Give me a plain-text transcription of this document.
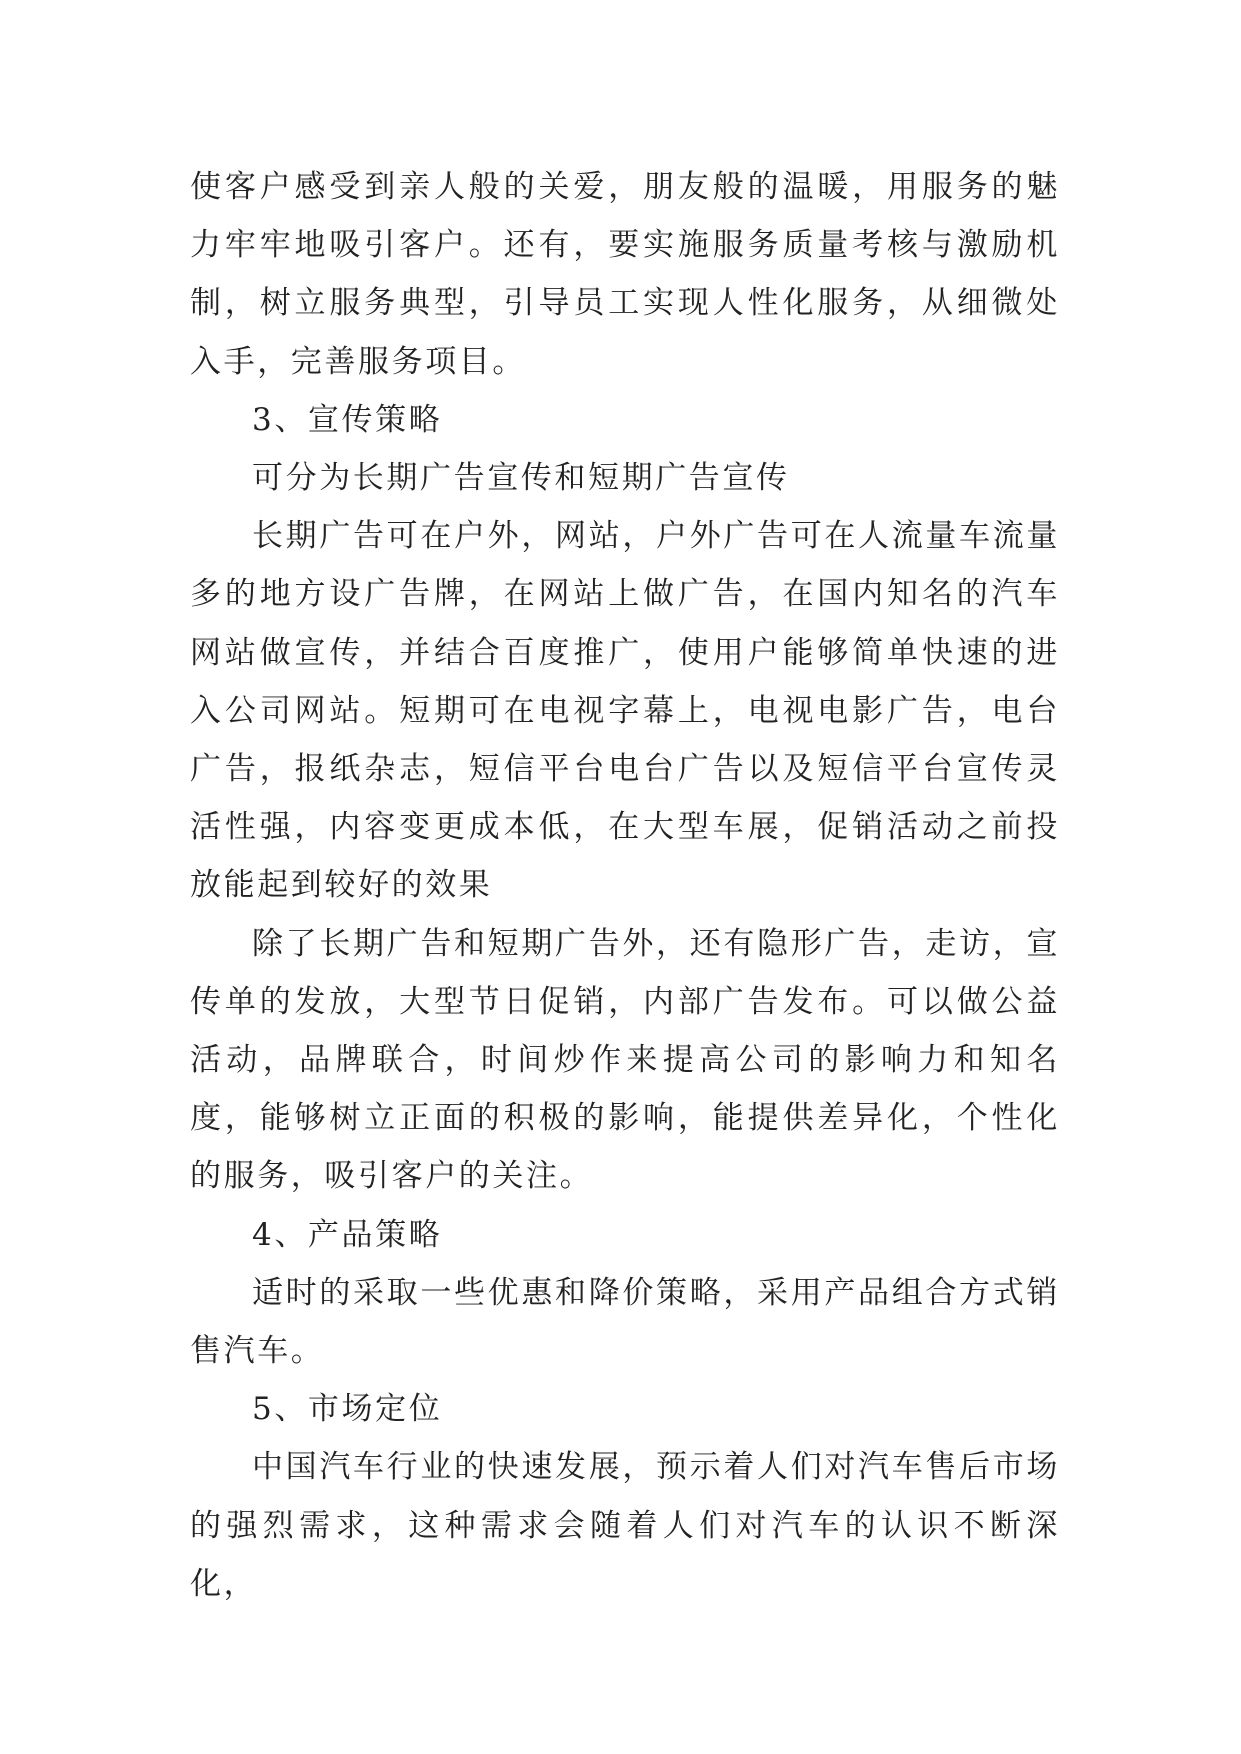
使客户感受到亲人般的关爱，朋友般的温暖，用服务的魅力牢牢地吸引客户。还有，要实施服务质量考核与激励机制，树立服务典型，引导员工实现人性化服务，从细微处入手，完善服务项目。

3、宣传策略

可分为长期广告宣传和短期广告宣传

长期广告可在户外，网站，户外广告可在人流量车流量多的地方设广告牌，在网站上做广告，在国内知名的汽车网站做宣传，并结合百度推广，使用户能够简单快速的进入公司网站。短期可在电视字幕上，电视电影广告，电台广告，报纸杂志，短信平台电台广告以及短信平台宣传灵活性强，内容变更成本低，在大型车展，促销活动之前投放能起到较好的效果

除了长期广告和短期广告外，还有隐形广告，走访，宣传单的发放，大型节日促销，内部广告发布。可以做公益活动，品牌联合，时间炒作来提高公司的影响力和知名度，能够树立正面的积极的影响，能提供差异化，个性化的服务，吸引客户的关注。

4、产品策略

适时的采取一些优惠和降价策略，采用产品组合方式销售汽车。

5、市场定位

中国汽车行业的快速发展，预示着人们对汽车售后市场的强烈需求，这种需求会随着人们对汽车的认识不断深化，
